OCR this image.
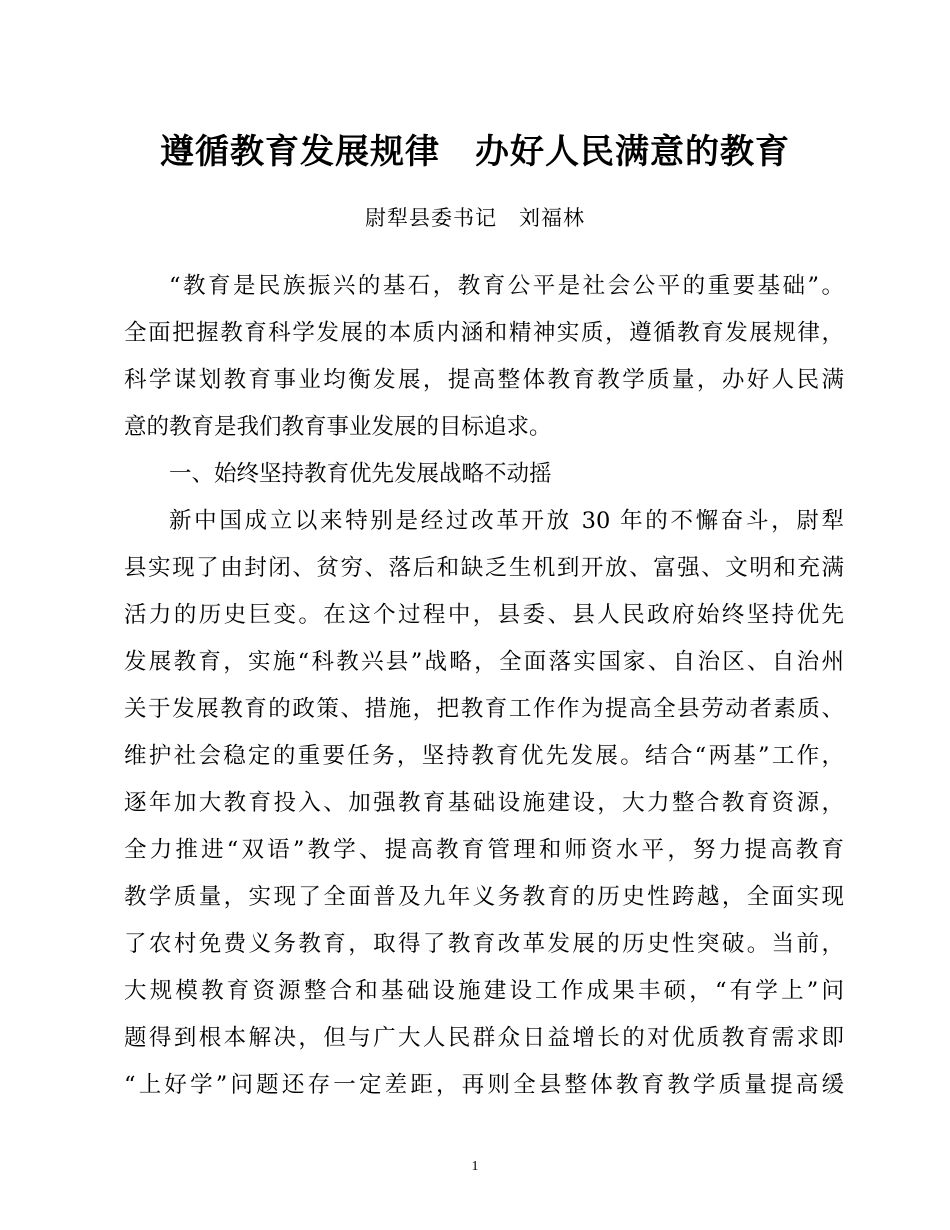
遵循教育发展规律　办好人民满意的教育
尉犁县委书记　刘福林
“教育是民族振兴的基石，教育公平是社会公平的重要基础”。
全面把握教育科学发展的本质内涵和精神实质，遵循教育发展规律，
科学谋划教育事业均衡发展，提高整体教育教学质量，办好人民满
意的教育是我们教育事业发展的目标追求。
一、始终坚持教育优先发展战略不动摇
新中国成立以来特别是经过改革开放 30 年的不懈奋斗，尉犁
县实现了由封闭、贫穷、落后和缺乏生机到开放、富强、文明和充满
活力的历史巨变。在这个过程中，县委、县人民政府始终坚持优先
发展教育，实施“科教兴县”战略，全面落实国家、自治区、自治州
关于发展教育的政策、措施，把教育工作作为提高全县劳动者素质、
维护社会稳定的重要任务，坚持教育优先发展。结合“两基”工作，
逐年加大教育投入、加强教育基础设施建设，大力整合教育资源，
全力推进“双语”教学、提高教育管理和师资水平，努力提高教育
教学质量，实现了全面普及九年义务教育的历史性跨越，全面实现
了农村免费义务教育，取得了教育改革发展的历史性突破。当前，
大规模教育资源整合和基础设施建设工作成果丰硕，“有学上”问
题得到根本解决，但与广大人民群众日益增长的对优质教育需求即
“上好学”问题还存一定差距，再则全县整体教育教学质量提高缓
1
